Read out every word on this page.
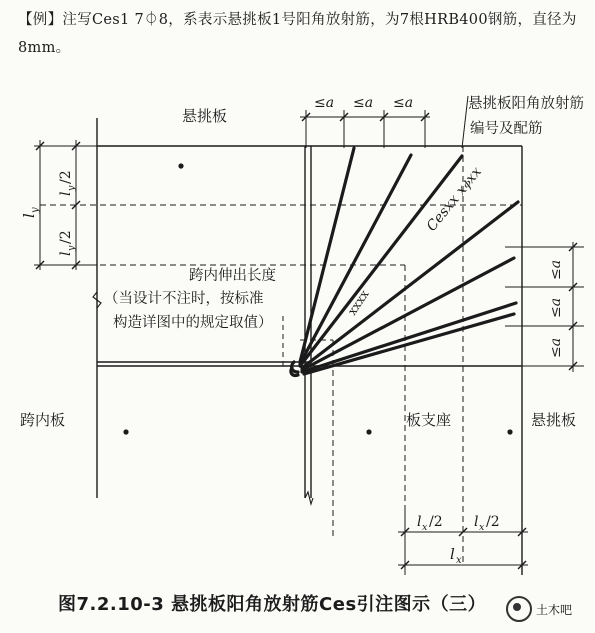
【例】注写Ces1 7⏀8，系表示悬挑板1号阳角放射筋，为7根HRB400钢筋，直径为8mm。
悬挑板
悬挑板阳角放射筋
编号及配筋
≤a ≤a ≤a
≤a
≤a
≤a
l
y
l
y
/2
l
y
/2
Cesxx xⲫxx
xxxx
跨内伸出长度
（当设计不注时，按标准
构造详图中的规定取值）
跨内板	板支座	悬挑板
l x /2 l x /2
l x
图7.2.10-3 悬挑板阳角放射筋Ces引注图示（三）	土木吧
